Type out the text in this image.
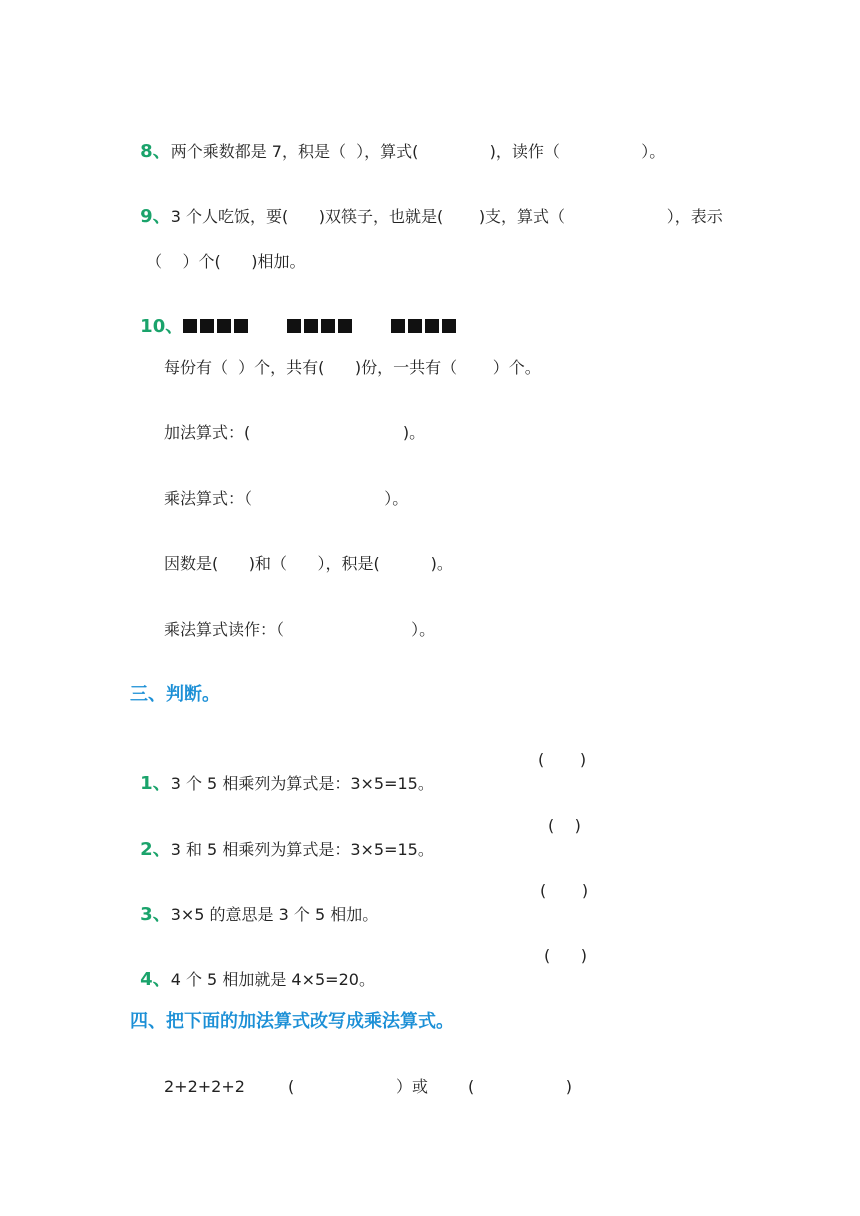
8、两个乘数都是 7，积是（  ），算式(              )，读作（                ）。

9、3 个人吃饭，要(      )双筷子，也就是(       )支，算式（                    ），表示

（    ）个(      )相加。

10、

每份有（  ）个，共有(      )份，一共有（       ）个。
加法算式：(                              )。
乘法算式：（                          ）。
因数是(      )和（      ），积是(          )。
乘法算式读作：（                         ）。
三、判断。

1、3 个 5 相乘列为算式是：3×5=15。

(       )

2、3 和 5 相乘列为算式是：3×5=15。

(    )

3、3×5 的意思是 3 个 5 相加。

(       )

4、4 个 5 相加就是 4×5=20。

(      )
四、把下面的加法算式改写成乘法算式。
2+2+2+2	(                    ）或	(                  )
